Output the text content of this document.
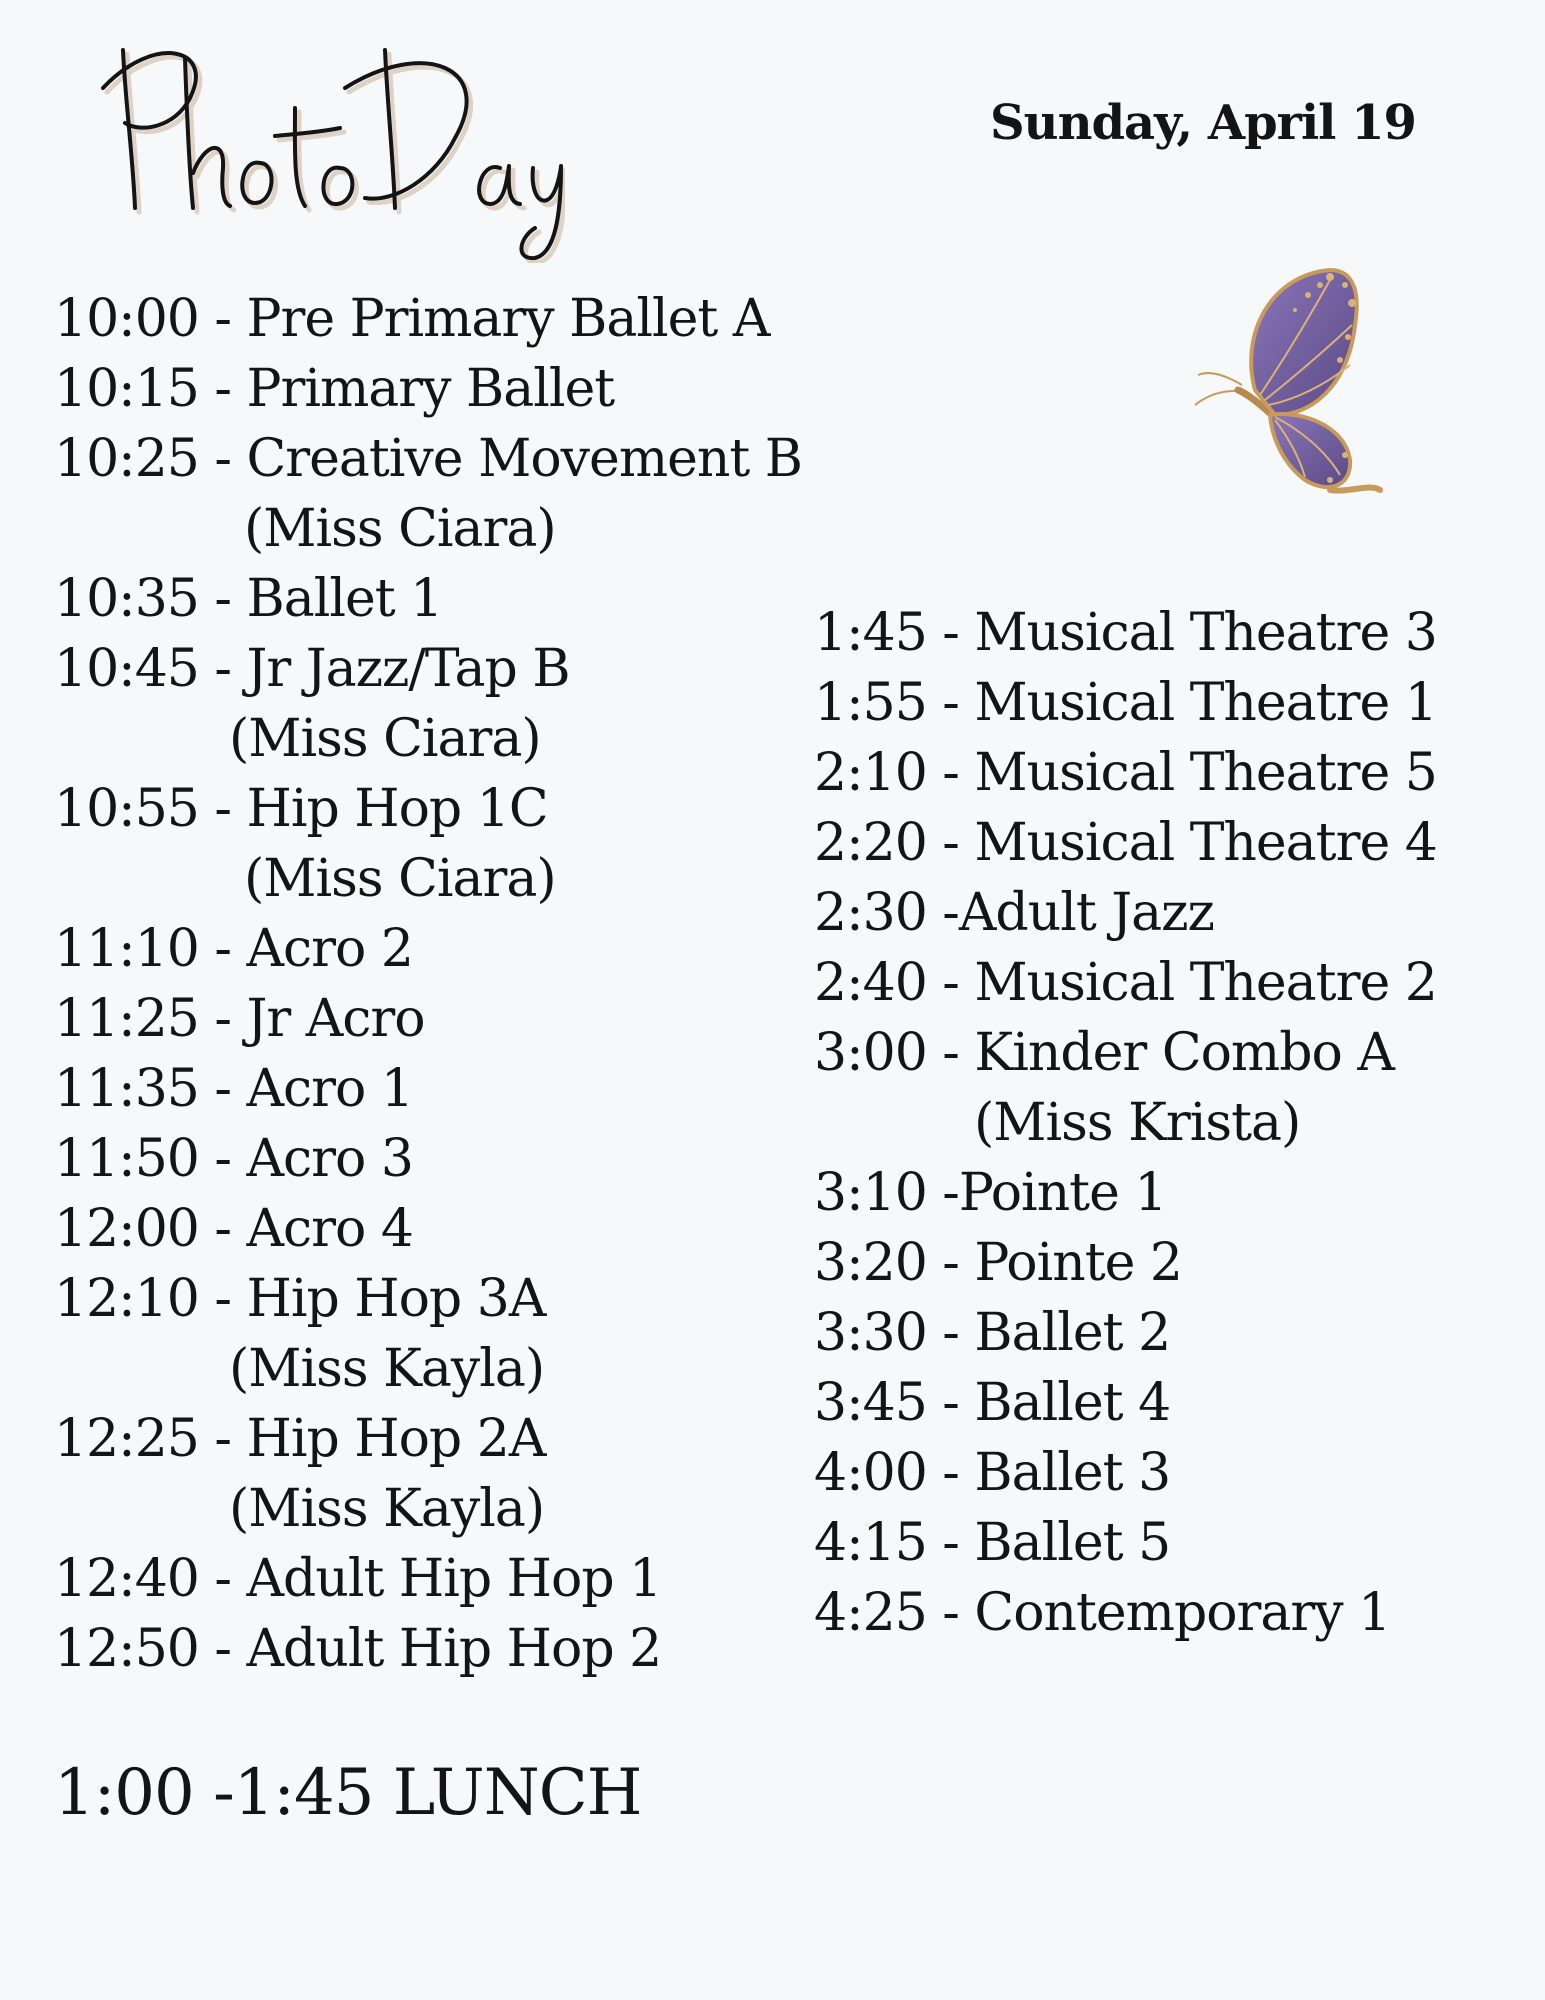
Sunday, April 19
10:00 - Pre Primary Ballet A
10:15 - Primary Ballet
10:25 - Creative Movement B
(Miss Ciara)
10:35 - Ballet 1
10:45 - Jr Jazz/Tap B
(Miss Ciara)
10:55 - Hip Hop 1C
(Miss Ciara)
11:10 - Acro 2
11:25 - Jr Acro
11:35 - Acro 1
11:50 - Acro 3
12:00 - Acro 4
12:10 - Hip Hop 3A
(Miss Kayla)
12:25 - Hip Hop 2A
(Miss Kayla)
12:40 - Adult Hip Hop 1
12:50 - Adult Hip Hop 2
1:45 - Musical Theatre 3
1:55 - Musical Theatre 1
2:10 - Musical Theatre 5
2:20 - Musical Theatre 4
2:30 -Adult Jazz
2:40 - Musical Theatre 2
3:00 - Kinder Combo A
(Miss Krista)
3:10 -Pointe 1
3:20 - Pointe 2
3:30 - Ballet 2
3:45 - Ballet 4
4:00 - Ballet 3
4:15 - Ballet 5
4:25 - Contemporary 1
1:00 -1:45 LUNCH
